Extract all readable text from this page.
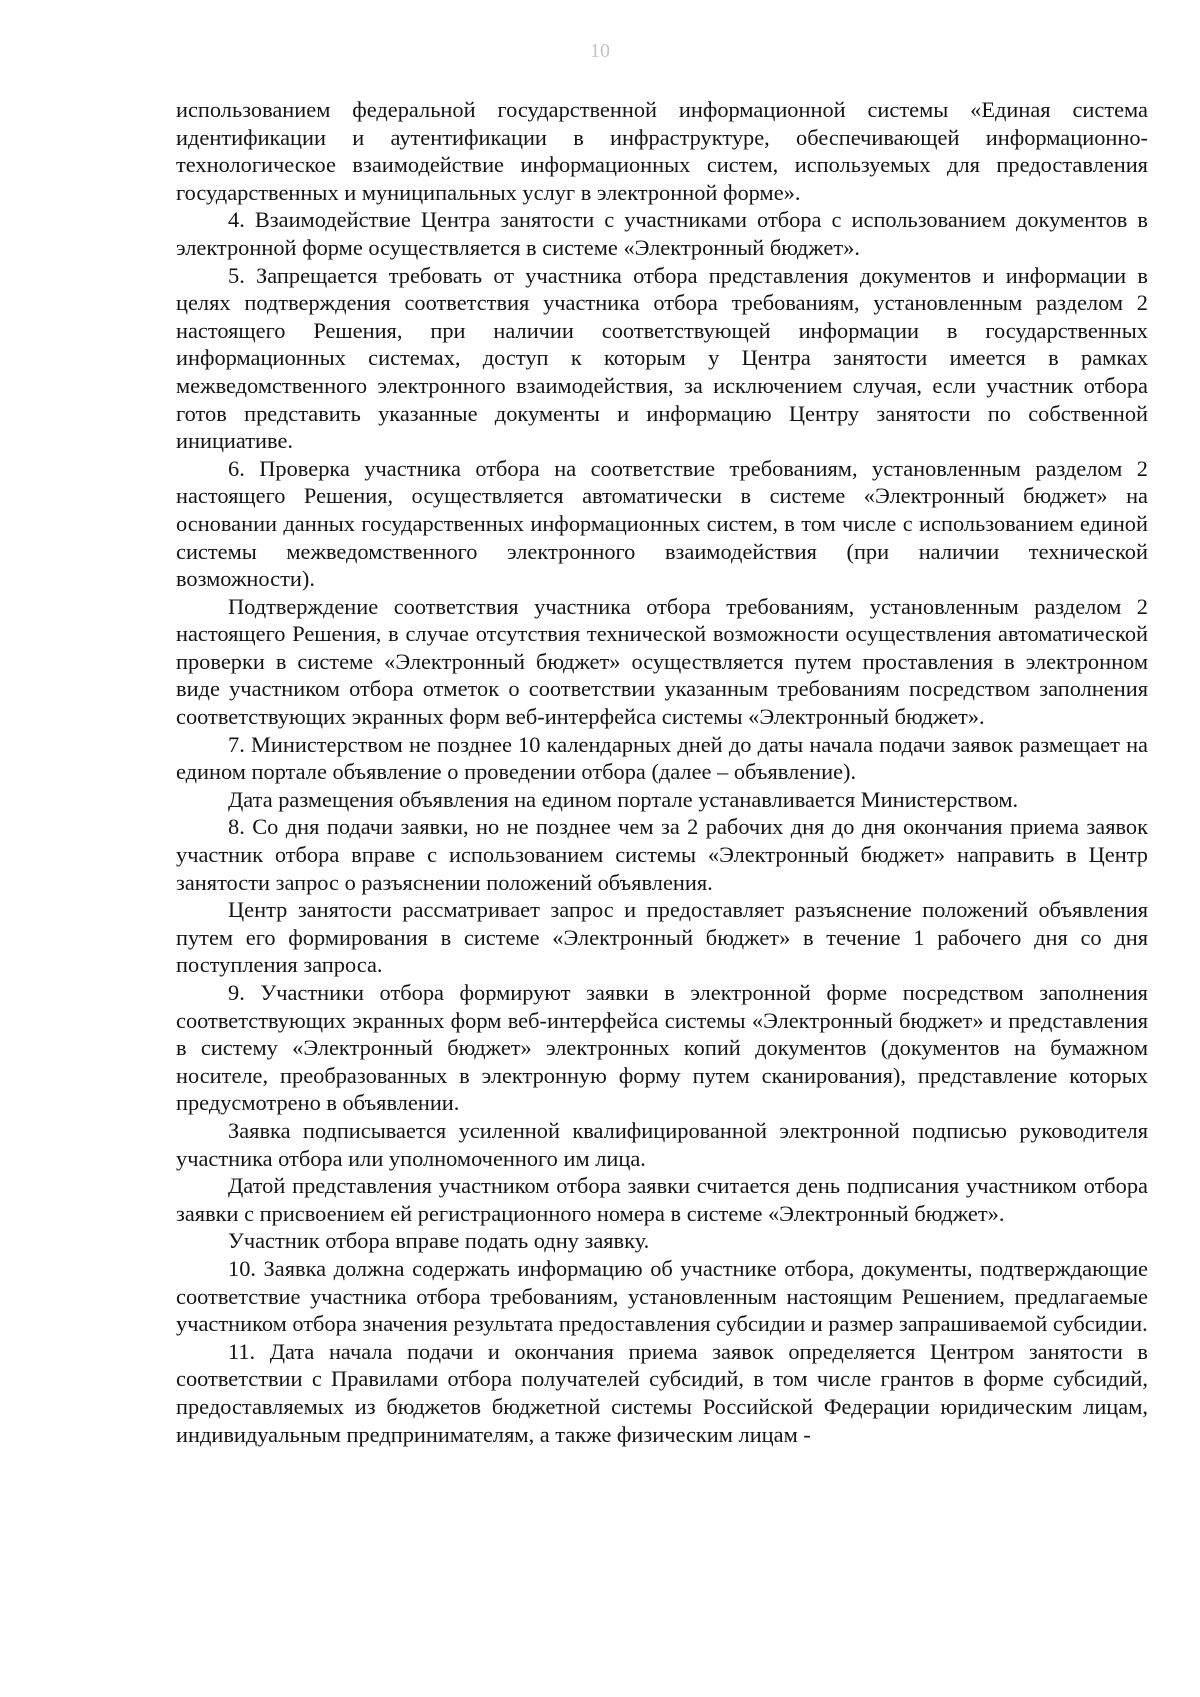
10

использованием федеральной государственной информационной системы «Единая система идентификации и аутентификации в инфраструктуре, обеспечивающей информационно-технологическое взаимодействие информационных систем, используемых для предоставления государственных и муниципальных услуг в электронной форме».

4. Взаимодействие Центра занятости с участниками отбора с использованием документов в электронной форме осуществляется в системе «Электронный бюджет».

5. Запрещается требовать от участника отбора представления документов и информации в целях подтверждения соответствия участника отбора требованиям, установленным разделом 2 настоящего Решения, при наличии соответствующей информации в государственных информационных системах, доступ к которым у Центра занятости имеется в рамках межведомственного электронного взаимодействия, за исключением случая, если участник отбора готов представить указанные документы и информацию Центру занятости по собственной инициативе.

6. Проверка участника отбора на соответствие требованиям, установленным разделом 2 настоящего Решения, осуществляется автоматически в системе «Электронный бюджет» на основании данных государственных информационных систем, в том числе с использованием единой системы межведомственного электронного взаимодействия (при наличии технической возможности).

Подтверждение соответствия участника отбора требованиям, установленным разделом 2 настоящего Решения, в случае отсутствия технической возможности осуществления автоматической проверки в системе «Электронный бюджет» осуществляется путем проставления в электронном виде участником отбора отметок о соответствии указанным требованиям посредством заполнения соответствующих экранных форм веб-интерфейса системы «Электронный бюджет».

7. Министерством не позднее 10 календарных дней до даты начала подачи заявок размещает на едином портале объявление о проведении отбора (далее – объявление).

Дата размещения объявления на едином портале устанавливается Министерством.

8. Со дня подачи заявки, но не позднее чем за 2 рабочих дня до дня окончания приема заявок участник отбора вправе с использованием системы «Электронный бюджет» направить в Центр занятости запрос о разъяснении положений объявления.

Центр занятости рассматривает запрос и предоставляет разъяснение положений объявления путем его формирования в системе «Электронный бюджет» в течение 1 рабочего дня со дня поступления запроса.

9. Участники отбора формируют заявки в электронной форме посредством заполнения соответствующих экранных форм веб-интерфейса системы «Электронный бюджет» и представления в систему «Электронный бюджет» электронных копий документов (документов на бумажном носителе, преобразованных в электронную форму путем сканирования), представление которых предусмотрено в объявлении.

Заявка подписывается усиленной квалифицированной электронной подписью руководителя участника отбора или уполномоченного им лица.

Датой представления участником отбора заявки считается день подписания участником отбора заявки с присвоением ей регистрационного номера в системе «Электронный бюджет».

Участник отбора вправе подать одну заявку.

10. Заявка должна содержать информацию об участнике отбора, документы, подтверждающие соответствие участника отбора требованиям, установленным настоящим Решением, предлагаемые участником отбора значения результата предоставления субсидии и размер запрашиваемой субсидии.

11. Дата начала подачи и окончания приема заявок определяется Центром занятости в соответствии с Правилами отбора получателей субсидий, в том числе грантов в форме субсидий, предоставляемых из бюджетов бюджетной системы Российской Федерации юридическим лицам, индивидуальным предпринимателям, а также физическим лицам -
